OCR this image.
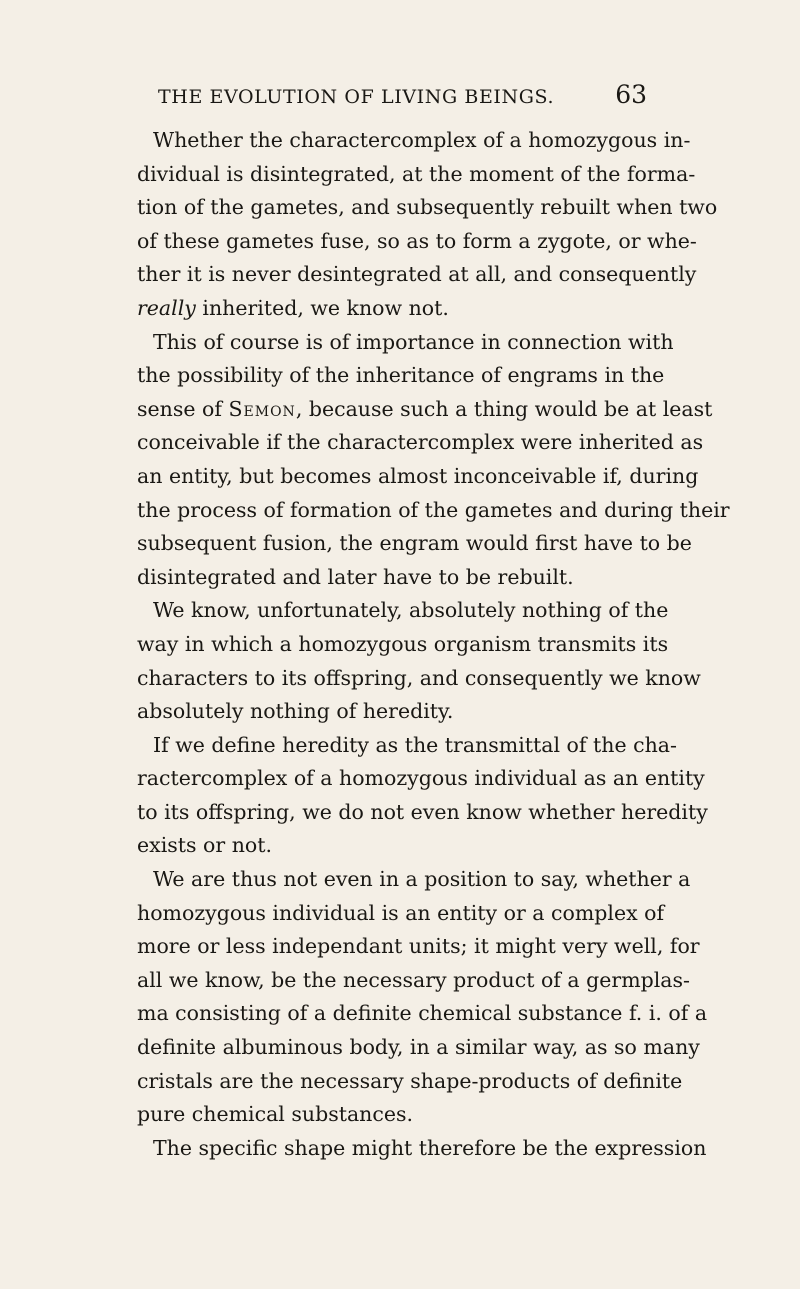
THE EVOLUTION OF LIVING BEINGS. 63
Whether the charactercomplex of a homozygous in-
dividual is disintegrated, at the moment of the forma-
tion of the gametes, and subsequently rebuilt when two
of these gametes fuse, so as to form a zygote, or whe-
ther it is never desintegrated at all, and consequently
really inherited, we know not.
This of course is of importance in connection with
the possibility of the inheritance of engrams in the
sense of Semon, because such a thing would be at least
conceivable if the charactercomplex were inherited as
an entity, but becomes almost inconceivable if, during
the process of formation of the gametes and during their
subsequent fusion, the engram would first have to be
disintegrated and later have to be rebuilt.
We know, unfortunately, absolutely nothing of the
way in which a homozygous organism transmits its
characters to its offspring, and consequently we know
absolutely nothing of heredity.
If we define heredity as the transmittal of the cha-
ractercomplex of a homozygous individual as an entity
to its offspring, we do not even know whether heredity
exists or not.
We are thus not even in a position to say, whether a
homozygous individual is an entity or a complex of
more or less independant units; it might very well, for
all we know, be the necessary product of a germplas-
ma consisting of a definite chemical substance f. i. of a
definite albuminous body, in a similar way, as so many
cristals are the necessary shape-products of definite
pure chemical substances.
The specific shape might therefore be the expression
